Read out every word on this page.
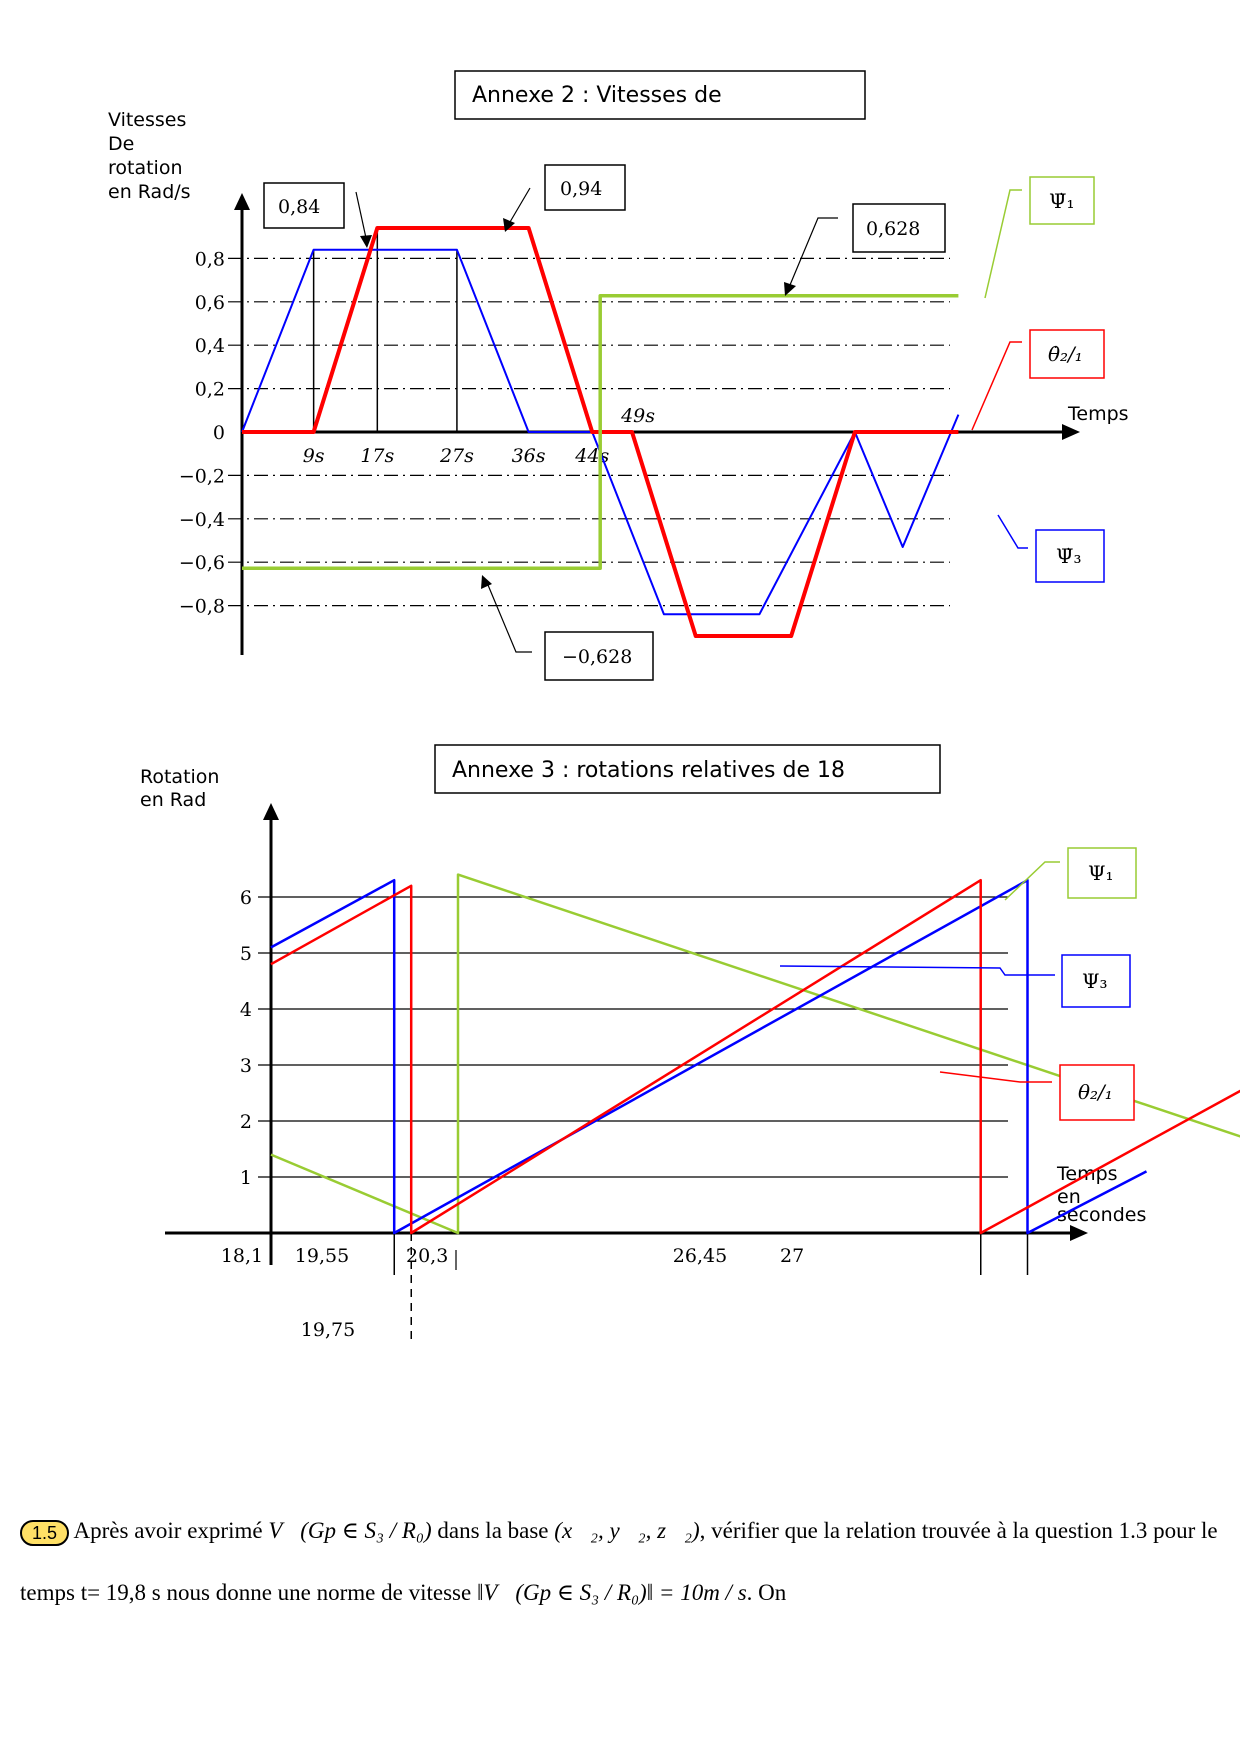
Annexe 2 : Vitesses de
Vitesses De rotation en Rad/s
0,8
0,6
0,4
0,2
0
−0,2
−0,4
−0,6
−0,8
Temps
9s 17s 27s 36s 44s
49s
0,84
0,94
0,628
−0,628
Ψ̇₁
θ̇₂/₁
Ψ̇₃
Annexe 3 : rotations relatives de 18
Rotation en Rad
6
5
4
3
2
1	Temps en secondes
18,1 19,55	20,3	26,45	27
19,75
Ψ₁
Ψ₃
θ₂/₁
1.5 Après avoir exprimé V⃗(Gp ∈ S₃ / R₀) dans la base (x⃗₂, y⃗₂, z⃗₂), vérifier que la relation trouvée à la question 1.3 pour le temps t= 19,8 s nous donne une norme de vitesse ‖V⃗(Gp ∈ S₃ / R₀)‖ = 10m / s. On
